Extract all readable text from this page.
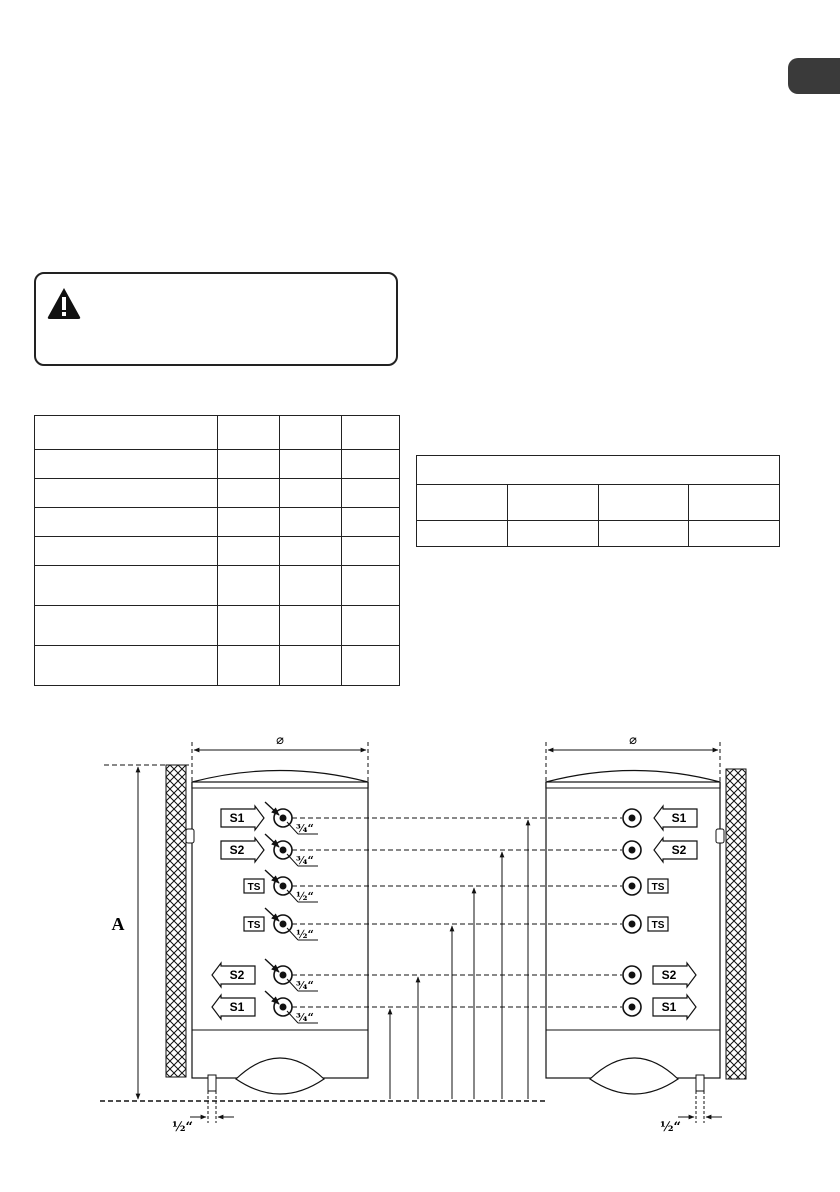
⌀	⌀
A
S1
¾“
S2
¾“
TS
½“
TS
½“
S2
¾“
S1
¾“
S1
S2
TS
TS
S2
S1
½“	½“
